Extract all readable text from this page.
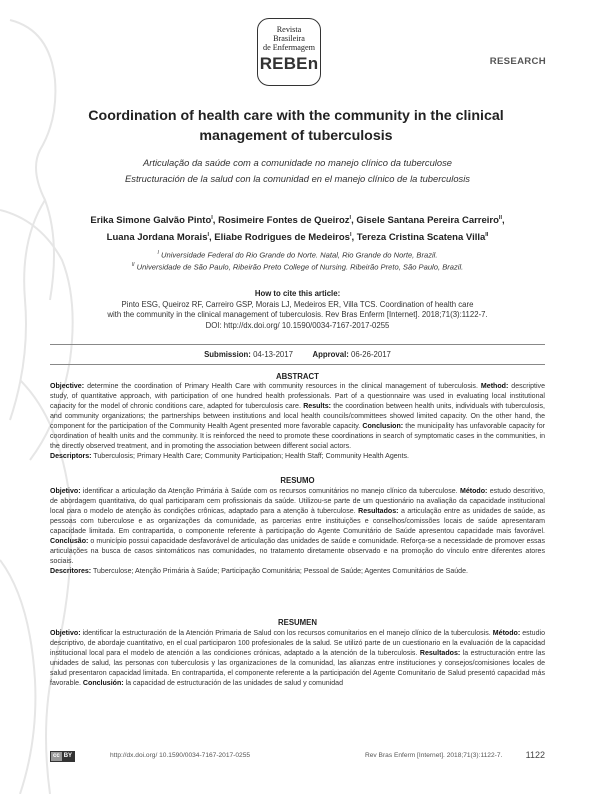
Revista
Brasileira
de Enfermagem
REBEn	RESEARCH
Coordination of health care with the community in the clinical
management of tuberculosis
Articulação da saúde com a comunidade no manejo clínico da tuberculose
Estructuración de la salud con la comunidad en el manejo clínico de la tuberculosis
Erika Simone Galvão Pinto$^I$, Rosimeire Fontes de Queiroz$^I$, Gisele Santana Pereira Carreiro$^{II}$,
Luana Jordana Morais$^I$, Eliabe Rodrigues de Medeiros$^I$, Tereza Cristina Scatena Villa$^{II}$
$^I$ Universidade Federal do Rio Grande do Norte. Natal, Rio Grande do Norte, Brazil.
$^{II}$ Universidade de São Paulo, Ribeirão Preto College of Nursing. Ribeirão Preto, São Paulo, Brazil.
How to cite this article:
Pinto ESG, Queiroz RF, Carreiro GSP, Morais LJ, Medeiros ER, Villa TCS. Coordination of health care
with the community in the clinical management of tuberculosis. Rev Bras Enferm [Internet]. 2018;71(3):1122-7.
DOI: http://dx.doi.org/ 10.1590/0034-7167-2017-0255
Submission: 04-13-2017	Approval: 06-26-2017
ABSTRACT
Objective: determine the coordination of Primary Health Care with community resources in the clinical management of tuberculosis. Method: descriptive study, of quantitative approach, with participation of one hundred health professionals. Part of a questionnaire was used in evaluating local institutional capacity for the model of chronic conditions care, adapted for tuberculosis care. Results: the coordination between health units, individuals with tuberculosis, and community organizations; the partnerships between institutions and local health councils/committees showed limited capacity. On the other hand, the component for the participation of the Community Health Agent presented more favorable capacity. Conclusion: the municipality has unfavorable capacity for coordination of health units and the community. It is reinforced the need to promote these coordinations in search of symptomatic cases in the communities, in the directly observed treatment, and in promoting the association between different social actors.
Descriptors: Tuberculosis; Primary Health Care; Community Participation; Health Staff; Community Health Agents.
RESUMO
Objetivo: identificar a articulação da Atenção Primária à Saúde com os recursos comunitários no manejo clínico da tuberculose. Método: estudo descritivo, de abordagem quantitativa, do qual participaram cem profissionais da saúde. Utilizou-se parte de um questionário na avaliação da capacidade institucional local para o modelo de atenção às condições crônicas, adaptado para a atenção à tuberculose. Resultados: a articulação entre as unidades de saúde, as pessoas com tuberculose e as organizações da comunidade, as parcerias entre instituições e conselhos/comissões locais de saúde apresentaram capacidade limitada. Em contrapartida, o componente referente à participação do Agente Comunitário de Saúde apresentou capacidade mais favorável. Conclusão: o município possui capacidade desfavorável de articulação das unidades de saúde e comunidade. Reforça-se a necessidade de promover essas articulações na busca de casos sintomáticos nas comunidades, no tratamento diretamente observado e na promoção do vínculo entre diferentes atores sociais.
Descritores: Tuberculose; Atenção Primária à Saúde; Participação Comunitária; Pessoal de Saúde; Agentes Comunitários de Saúde.
RESUMEN
Objetivo: identificar la estructuración de la Atención Primaria de Salud con los recursos comunitarios en el manejo clínico de la tuberculosis. Método: estudio descriptivo, de abordaje cuantitativo, en el cual participaron 100 profesionales de la salud. Se utilizó parte de un cuestionario en la evaluación de la capacidad institucional local para el modelo de atención a las condiciones crónicas, adaptado a la atención de la tuberculosis. Resultados: la estructuración entre las unidades de salud, las personas con tuberculosis y las organizaciones de la comunidad, las alianzas entre instituciones y consejos/comisiones locales de salud presentaron capacidad limitada. En contrapartida, el componente referente a la participación del Agente Comunitario de Salud presentó capacidad más favorable. Conclusión: la capacidad de estructuración de las unidades de salud y comunidad
cc BY	http://dx.doi.org/ 10.1590/0034-7167-2017-0255	Rev Bras Enferm [Internet]. 2018;71(3):1122-7.	1122
